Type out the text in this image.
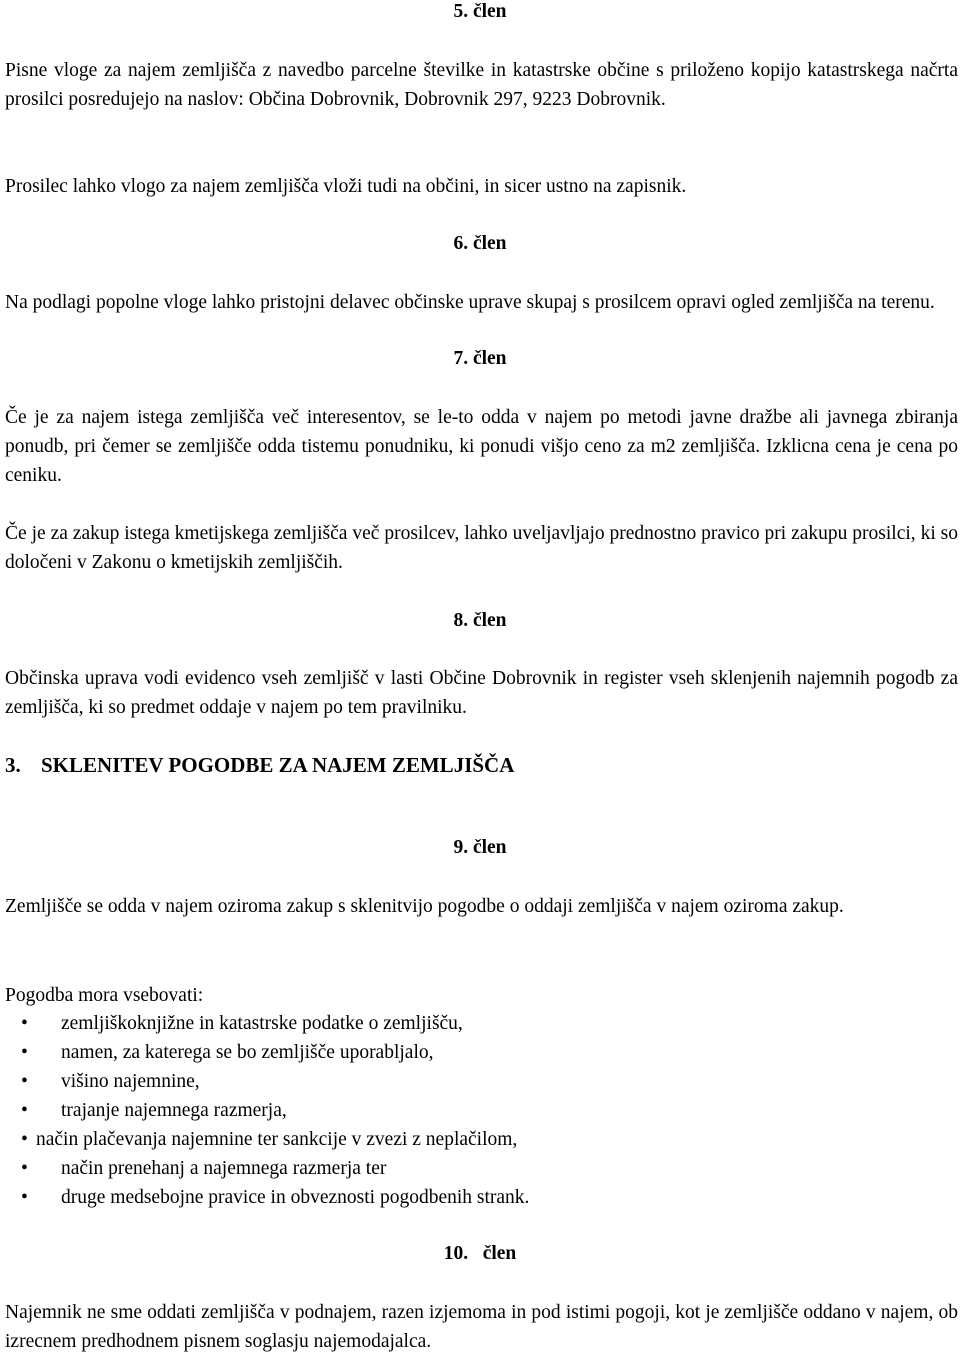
5. člen

Pisne vloge za najem zemljišča z navedbo parcelne številke in katastrske občine s priloženo kopijo katastrskega načrta prosilci posredujejo na naslov: Občina Dobrovnik, Dobrovnik 297, 9223 Dobrovnik.

Prosilec lahko vlogo za najem zemljišča vloži tudi na občini, in sicer ustno na zapisnik.

6. člen

Na podlagi popolne vloge lahko pristojni delavec občinske uprave skupaj s prosilcem opravi ogled zemljišča na terenu.

7. člen

Če je za najem istega zemljišča več interesentov, se le-to odda v najem po metodi javne dražbe ali javnega zbiranja ponudb, pri čemer se zemljišče odda tistemu ponudniku, ki ponudi višjo ceno za m2 zemljišča. Izklicna cena je cena po ceniku.

Če je za zakup istega kmetijskega zemljišča več prosilcev, lahko uveljavljajo prednostno pravico pri zakupu prosilci, ki so določeni v Zakonu o kmetijskih zemljiščih.

8. člen

Občinska uprava vodi evidenco vseh zemljišč v lasti Občine Dobrovnik in register vseh sklenjenih najemnih pogodb za zemljišča, ki so predmet oddaje v najem po tem pravilniku.

3. SKLENITEV POGODBE ZA NAJEM ZEMLJIŠČA

9. člen

Zemljišče se odda v najem oziroma zakup s sklenitvijo pogodbe o oddaji zemljišča v najem oziroma zakup.

Pogodba mora vsebovati:

• zemljiškoknjižne in katastrske podatke o zemljišču,
• namen, za katerega se bo zemljišče uporabljalo,
• višino najemnine,
• trajanje najemnega razmerja,
• način plačevanja najemnine ter sankcije v zvezi z neplačilom,
• način prenehanj a najemnega razmerja ter
• druge medsebojne pravice in obveznosti pogodbenih strank.

10. člen

Najemnik ne sme oddati zemljišča v podnajem, razen izjemoma in pod istimi pogoji, kot je zemljišče oddano v najem, ob izrecnem predhodnem pisnem soglasju najemodajalca.
